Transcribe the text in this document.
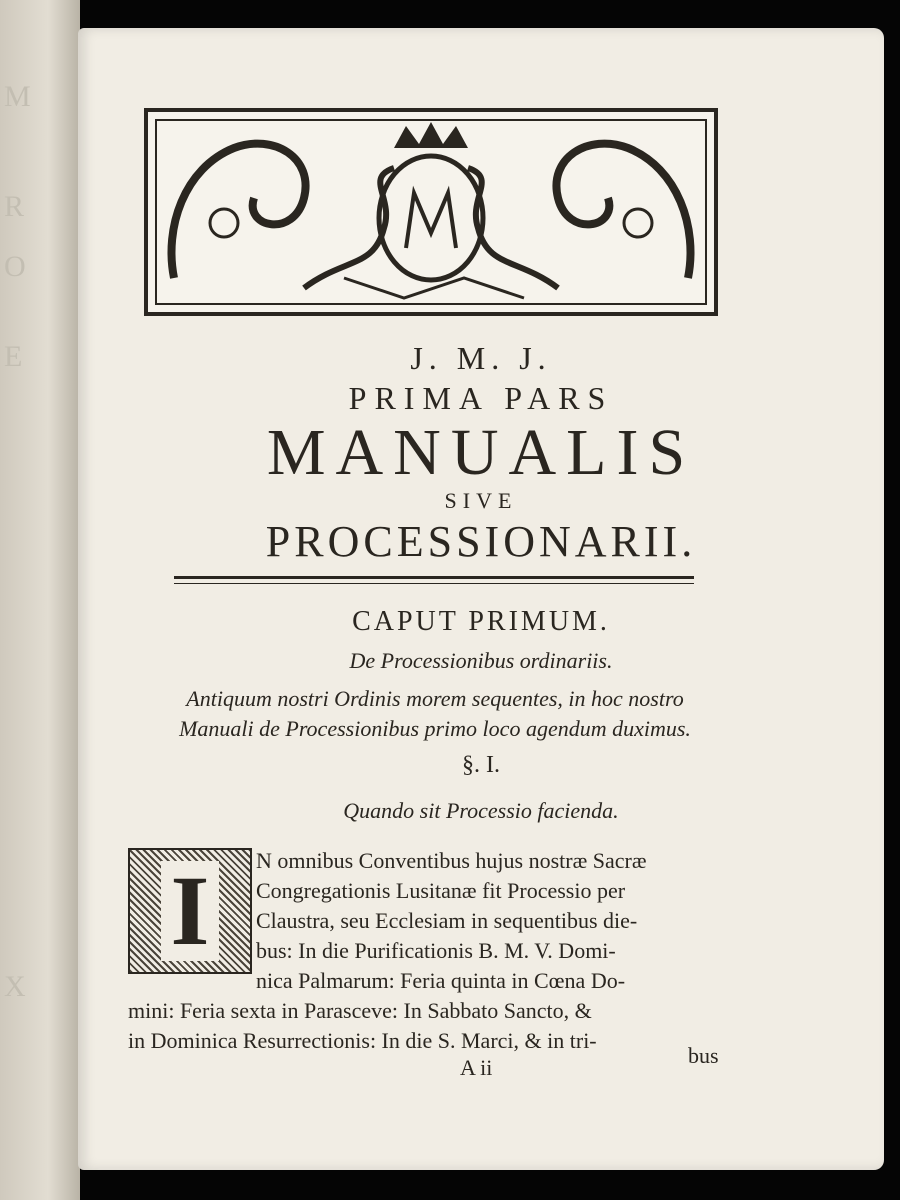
M
R
O
E
X
J. M. J.
PRIMA PARS
MANUALIS
SIVE
PROCESSIONARII.
CAPUT PRIMUM.
De Processionibus ordinariis.
Antiquum nostri Ordinis morem sequentes, in hoc nostro
Manuali de Processionibus primo loco agendum duximus.
§. I.
Quando sit Processio facienda.
I	N omnibus Conventibus hujus nostræ Sacræ
Congregationis Lusitanæ fit Processio per
Claustra, seu Ecclesiam in sequentibus die-
bus: In die Purificationis B. M. V. Domi-
nica Palmarum: Feria quinta in Cœna Do-
mini: Feria sexta in Parasceve: In Sabbato Sancto, &
in Dominica Resurrectionis: In die S. Marci, & in tri-
A ii	bus
